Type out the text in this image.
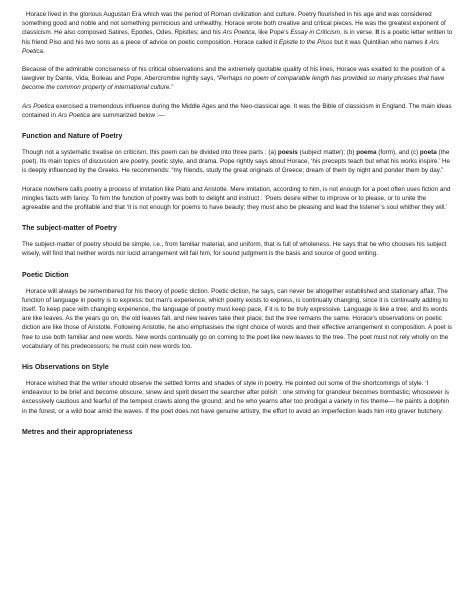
Horace lived in the glorious Augustan Era which was the period of Roman civilization and culture. Poetry flourished in his age and was considered something good and noble and not something pernicious and unhealthy. Horace wrote both creative and critical pieces. He was the greatest exponent of classicism. He also composed Satires, Epodes, Odes, Rpistles; and his Ars Poetica, like Pope’s Essay in Criticism, is in verse. It is a poetic letter written to his friend Piso and his two sons as a piece of advice on poetic composition. Horace called it Epistle to the Pisos but it was Quintilian who names it Ars Poetica.

Because of the admirable conciseness of his critical observations and the extremely quotable quality of his lines, Horace was exalted to the position of a lawgiver by Dante, Vida, Boileau and Pope. Abercrombie rightly says, “Perhaps no poem of comparable length has provided so many phrases that have become the common property of international culture.”

Ars Poetica exercised a tremendous influence during the Middle Ages and the Neo-classical age. It was the Bible of classicism in England. The main ideas contained in Ars Poetica are summarized below :—

Function and Nature of Poetry

Though not a systematic treatise on criticism, this poem can be divided into three parts : (a) poesis (subject matter); (b) poema (form), and (c) poeta (the poet). Its main topics of discussion are poetry, poetic style, and drama. Pope rightly says about Horace, ‘his precepts teach but what his works inspire.’ He is deeply influenced by the Greeks. He recommends: “my friends, study the great originals of Greece; dream of them by night and ponder them by day.”

Horace nowhere calls poetry a process of imitation like Plato and Aristotle. Mere imitation, according to him, is not enough for a poet often uses fiction and mingles facts with fancy. To him the function of poetry was both to delight and instruct : ‘Poets desire either to improve or to please, or to unite the agreeable and the profitablé and that ‘it is not enough for poems to have beauty; they must also be pleasing and lead the listener’s soul whither they will.’

The subject-matter of Poetry

The subject-matter of poetry should be simple, i.e., from familiar material, and uniform, that is full of wholeness. He says that he who chooses his subject wisely, will find that neither words nor lucid arrangement will fail him, for sound judgment is the basis and source of good writing.

Poetic Diction

Horace will always be remembered for his theory of poetic diction. Poetic diction, he says, can never be altogether established and stationary affair. The function of language in poetry is to express; but man’s experience, which poetry exists to express, is continually changing, since it is continually adding to itself. To keep pace with changing experience, the language of poetry must keep pace, if it is to be truly expressive. Language is like a tree; and its words are like leaves. As the years go on, the old leaves fall, and new leaves take their place; but the tree remains the same. Horace’s observations on poetic diction are like those of Aristotle. Following Aristotle, he also emphasises the right choice of words and their effective arrangement in composition. A poet is free to use both familiar and new words. New words continually go on coming to the poet like new leaves to the tree. The poet must not rely wholly on the vocabulary of his predecessors; he must coin new words too.

His Observations on Style

Horace wished that the writer should observe the settled forms and shades of style in poetry. He pointed out some of the shortcomings of style. ‘I endeavour to be brief and become obscure; sinew and spirit desert the searcher after polish : one striving for grandeur becomes bombastic; whosoever is excessively cautious and fearful of the tempest crawls along the ground; and he who yearns after too prodigal a variety in his theme— he paints a dolphin in the forest, or a wild boar amid the waves. If the poet does not have genuine artistry, the effort to avoid an imperfection leads him into graver butchery.

Metres and their appropriateness
